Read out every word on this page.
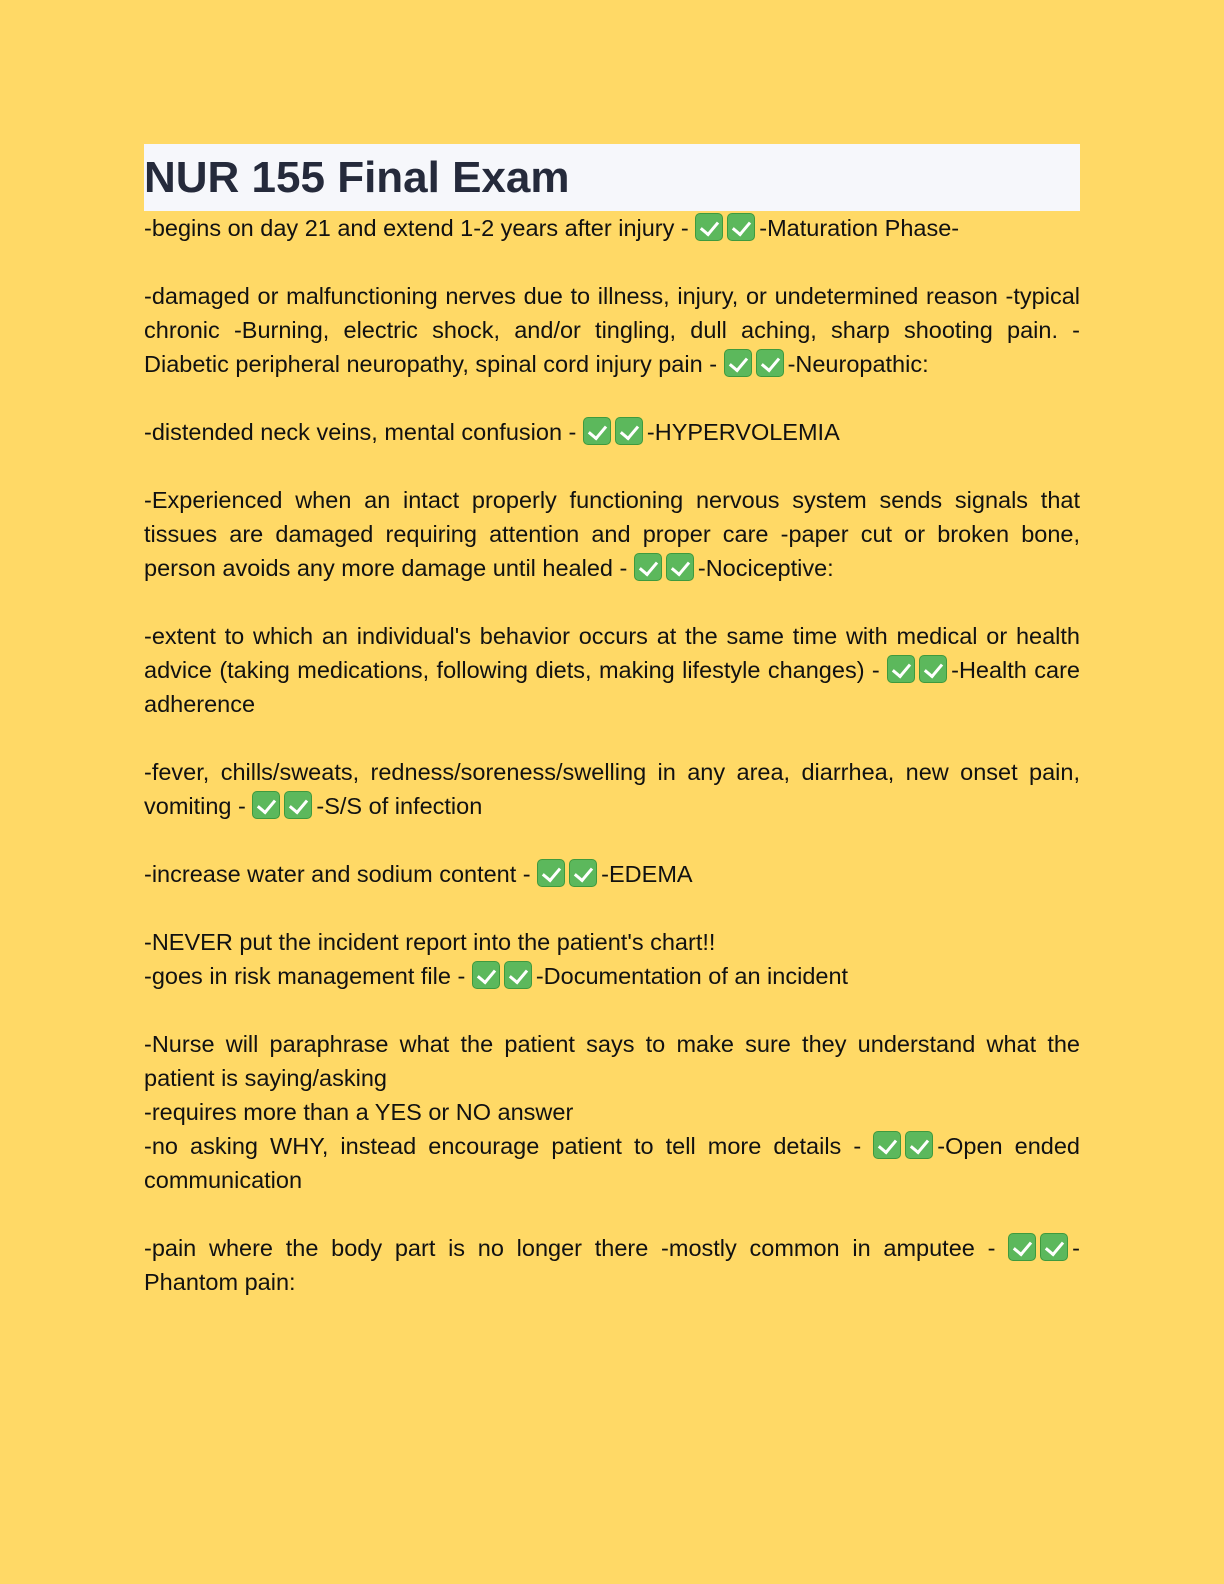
NUR 155 Final Exam

-begins on day 21 and extend 1-2 years after injury -	-Maturation Phase-

-damaged or malfunctioning nerves due to illness, injury, or undetermined reason -typical chronic -Burning, electric shock, and/or tingling, dull aching, sharp shooting pain. -Diabetic peripheral neuropathy, spinal cord injury pain -	-Neuropathic:

-distended neck veins, mental confusion -	-HYPERVOLEMIA

-Experienced when an intact properly functioning nervous system sends signals that tissues are damaged requiring attention and proper care -paper cut or broken bone, person avoids any more damage until healed -	-Nociceptive:

-extent to which an individual's behavior occurs at the same time with medical or health advice (taking medications, following diets, making lifestyle changes) -	-Health care adherence

-fever, chills/sweats, redness/soreness/swelling in any area, diarrhea, new onset pain, vomiting -	-S/S of infection

-increase water and sodium content -	-EDEMA

-NEVER put the incident report into the patient's chart!!
-goes in risk management file -	-Documentation of an incident

-Nurse will paraphrase what the patient says to make sure they understand what the patient is saying/asking
-requires more than a YES or NO answer
-no asking WHY, instead encourage patient to tell more details -	-Open ended communication

-pain where the body part is no longer there -mostly common in amputee -	-Phantom pain:
